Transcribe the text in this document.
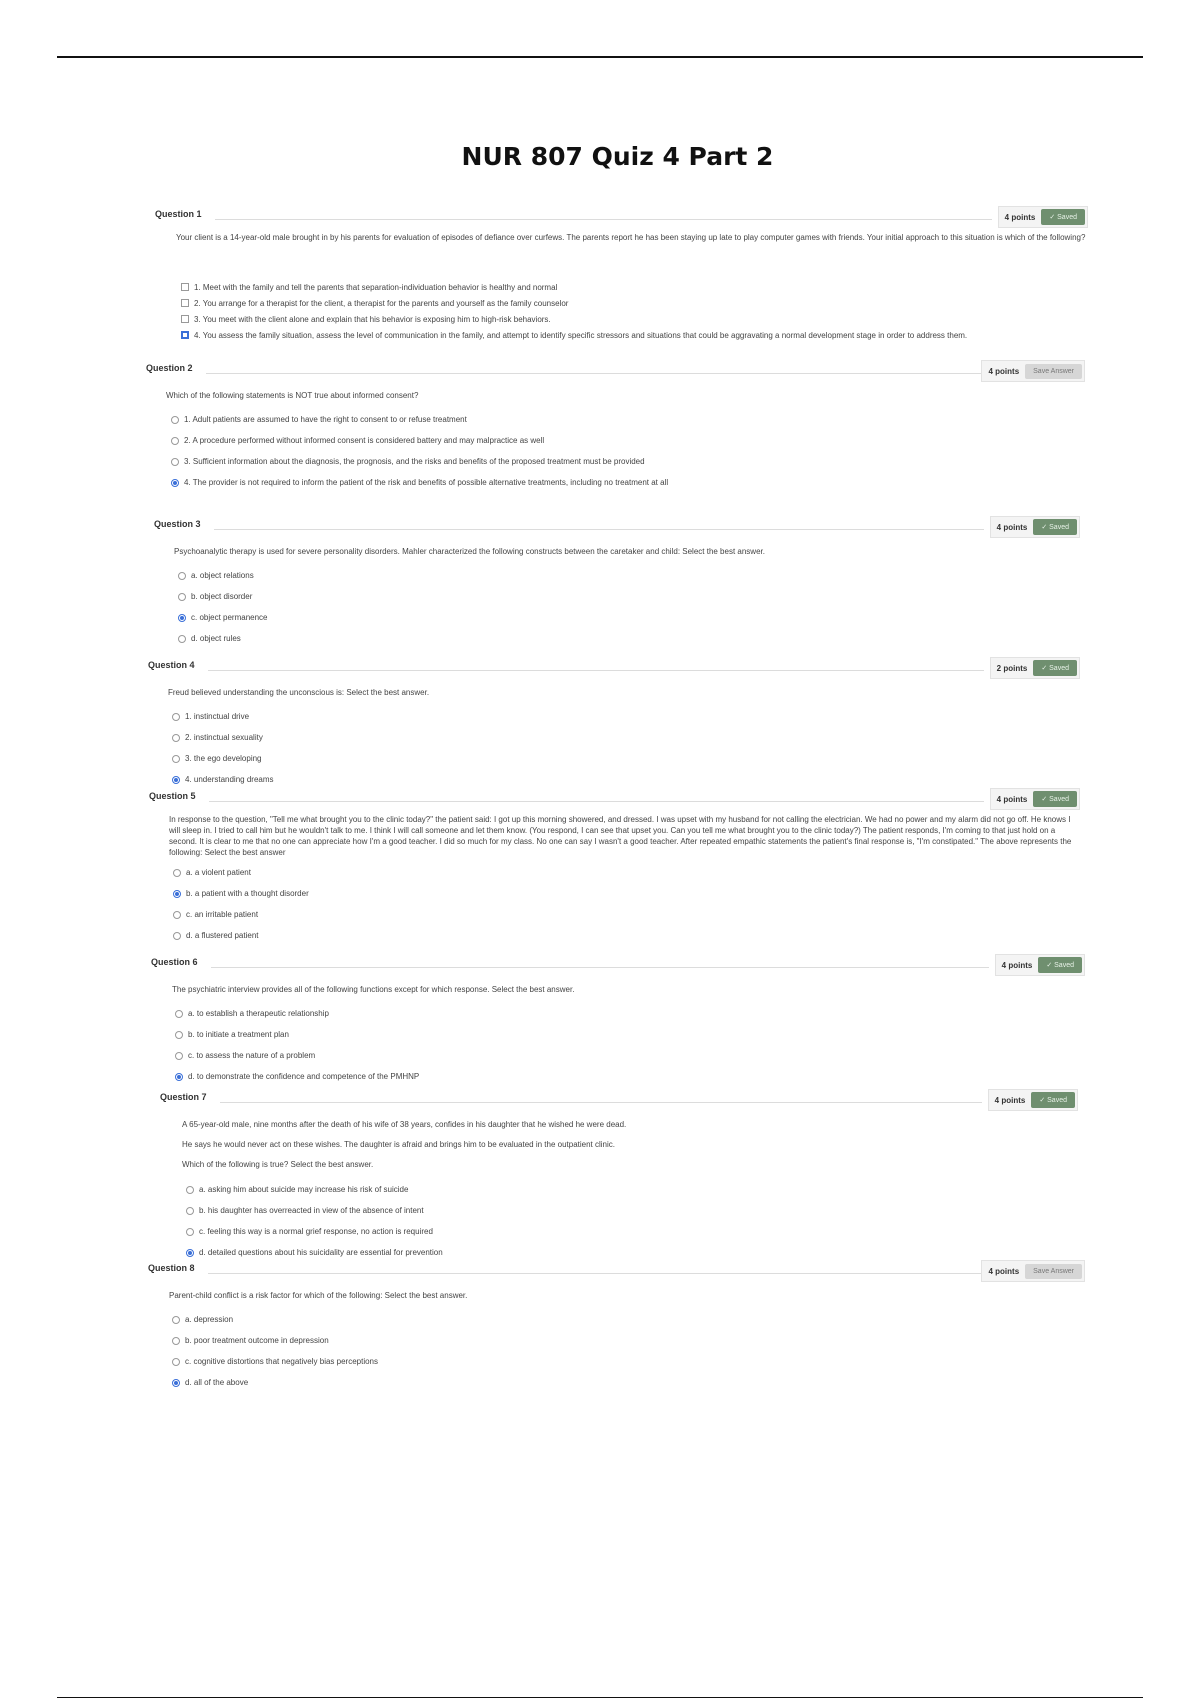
NUR 807 Quiz 4 Part 2
Question 1	4 points	✓ Saved
Your client is a 14-year-old male brought in by his parents for evaluation of episodes of defiance over curfews. The parents report he has been staying up late to play computer games with friends. Your initial approach to this situation is which of the following?
1. Meet with the family and tell the parents that separation-individuation behavior is healthy and normal
2. You arrange for a therapist for the client, a therapist for the parents and yourself as the family counselor
3. You meet with the client alone and explain that his behavior is exposing him to high-risk behaviors.
4. You assess the family situation, assess the level of communication in the family, and attempt to identify specific stressors and situations that could be aggravating a normal development stage in order to address them.
Question 2	4 points	Save Answer
Which of the following statements is NOT true about informed consent?
1. Adult patients are assumed to have the right to consent to or refuse treatment
2. A procedure performed without informed consent is considered battery and may malpractice as well
3. Sufficient information about the diagnosis, the prognosis, and the risks and benefits of the proposed treatment must be provided
4. The provider is not required to inform the patient of the risk and benefits of possible alternative treatments, including no treatment at all
Question 3	4 points	✓ Saved
Psychoanalytic therapy is used for severe personality disorders. Mahler characterized the following constructs between the caretaker and child: Select the best answer.
a. object relations
b. object disorder
c. object permanence
d. object rules
Question 4	2 points	✓ Saved
Freud believed understanding the unconscious is: Select the best answer.
1. instinctual drive
2. instinctual sexuality
3. the ego developing
4. understanding dreams
Question 5	4 points	✓ Saved
In response to the question, "Tell me what brought you to the clinic today?" the patient said: I got up this morning showered, and dressed. I was upset with my husband for not calling the electrician. We had no power and my alarm did not go off. He knows I will sleep in. I tried to call him but he wouldn't talk to me. I think I will call someone and let them know. (You respond, I can see that upset you. Can you tell me what brought you to the clinic today?) The patient responds, I'm coming to that just hold on a second. It is clear to me that no one can appreciate how I'm a good teacher. I did so much for my class. No one can say I wasn't a good teacher. After repeated empathic statements the patient's final response is, "I'm constipated." The above represents the following: Select the best answer
a. a violent patient
b. a patient with a thought disorder
c. an irritable patient
d. a flustered patient
Question 6	4 points	✓ Saved
The psychiatric interview provides all of the following functions except for which response. Select the best answer.
a. to establish a therapeutic relationship
b. to initiate a treatment plan
c. to assess the nature of a problem
d. to demonstrate the confidence and competence of the PMHNP
Question 7	4 points	✓ Saved

A 65-year-old male, nine months after the death of his wife of 38 years, confides in his daughter that he wished he were dead.

He says he would never act on these wishes. The daughter is afraid and brings him to be evaluated in the outpatient clinic.

Which of the following is true? Select the best answer.

a. asking him about suicide may increase his risk of suicide
b. his daughter has overreacted in view of the absence of intent
c. feeling this way is a normal grief response, no action is required
d. detailed questions about his suicidality are essential for prevention
Question 8	4 points	Save Answer
Parent-child conflict is a risk factor for which of the following: Select the best answer.
a. depression
b. poor treatment outcome in depression
c. cognitive distortions that negatively bias perceptions
d. all of the above
